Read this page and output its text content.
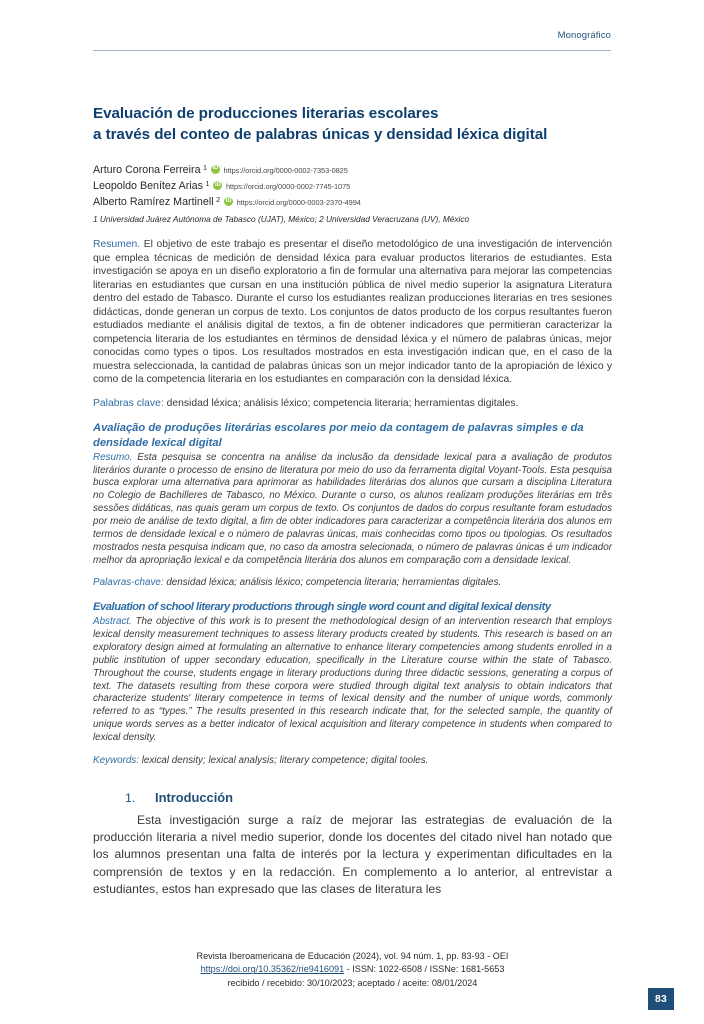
Monográfico
Evaluación de producciones literarias escolares
a través del conteo de palabras únicas y densidad léxica digital
Arturo Corona Ferreira 1 iD https://orcid.org/0000-0002-7353-0825
Leopoldo Benítez Arias 1 iD https://orcid.org/0000-0002-7745-1075
Alberto Ramírez Martinell 2 iD https://orcid.org/0000-0003-2370-4994
1 Universidad Juárez Autónoma de Tabasco (UJAT), México; 2 Universidad Veracruzana (UV), México

Resumen. El objetivo de este trabajo es presentar el diseño metodológico de una investigación de intervención que emplea técnicas de medición de densidad léxica para evaluar productos literarios de estudiantes. Esta investigación se apoya en un diseño exploratorio a fin de formular una alternativa para mejorar las competencias literarias en estudiantes que cursan en una institución pública de nivel medio superior la asignatura Literatura dentro del estado de Tabasco. Durante el curso los estudiantes realizan producciones literarias en tres sesiones didácticas, donde generan un corpus de texto. Los conjuntos de datos producto de los corpus resultantes fueron estudiados mediante el análisis digital de textos, a fin de obtener indicadores que permitieran caracterizar la competencia literaria de los estudiantes en términos de densidad léxica y el número de palabras únicas, mejor conocidas como types o tipos. Los resultados mostrados en esta investigación indican que, en el caso de la muestra seleccionada, la cantidad de palabras únicas son un mejor indicador tanto de la apropiación de léxico y como de la competencia literaria en los estudiantes en comparación con la densidad léxica.

Palabras clave: densidad léxica; análisis léxico; competencia literaria; herramientas digitales.

Avaliação de produções literárias escolares por meio da contagem de palavras simples e da densidade lexical digital

Resumo. Esta pesquisa se concentra na análise da inclusão da densidade lexical para a avaliação de produtos literários durante o processo de ensino de literatura por meio do uso da ferramenta digital Voyant-Tools. Esta pesquisa busca explorar uma alternativa para aprimorar as habilidades literárias dos alunos que cursam a disciplina Literatura no Colegio de Bachilleres de Tabasco, no México. Durante o curso, os alunos realizam produções literárias em três sessões didáticas, nas quais geram um corpus de texto. Os conjuntos de dados do corpus resultante foram estudados por meio de análise de texto digital, a fim de obter indicadores para caracterizar a competência literária dos alunos em termos de densidade lexical e o número de palavras únicas, mais conhecidas como tipos ou tipologias. Os resultados mostrados nesta pesquisa indicam que, no caso da amostra selecionada, o número de palavras únicas é um indicador melhor da apropriação lexical e da competência literária dos alunos em comparação com a densidade lexical.

Palavras-chave: densidad léxica; análisis léxico; competencia literaria; herramientas digitales.

Evaluation of school literary productions through single word count and digital lexical density

Abstract. The objective of this work is to present the methodological design of an intervention research that employs lexical density measurement techniques to assess literary products created by students. This research is based on an exploratory design aimed at formulating an alternative to enhance literary competencies among students enrolled in a public institution of upper secondary education, specifically in the Literature course within the state of Tabasco. Throughout the course, students engage in literary productions during three didactic sessions, generating a corpus of text. The datasets resulting from these corpora were studied through digital text analysis to obtain indicators that characterize students' literary competence in terms of lexical density and the number of unique words, commonly referred to as “types.” The results presented in this research indicate that, for the selected sample, the quantity of unique words serves as a better indicator of lexical acquisition and literary competence in students when compared to lexical density.

Keywords: lexical density; lexical analysis; literary competence; digital tooles.

1.	Introducción

Esta investigación surge a raíz de mejorar las estrategias de evaluación de la producción literaria a nivel medio superior, donde los docentes del citado nivel han notado que los alumnos presentan una falta de interés por la lectura y experimentan dificultades en la comprensión de textos y en la redacción. En complemento a lo anterior, al entrevistar a estudiantes, estos han expresado que las clases de literatura les

Revista Iberoamericana de Educación (2024), vol. 94 núm. 1, pp. 83-93 - OEI
https://doi.org/10.35362/rie9416091 - ISSN: 1022-6508 / ISSNe: 1681-5653
recibido / recebido: 30/10/2023; aceptado / aceite: 08/01/2024
83
